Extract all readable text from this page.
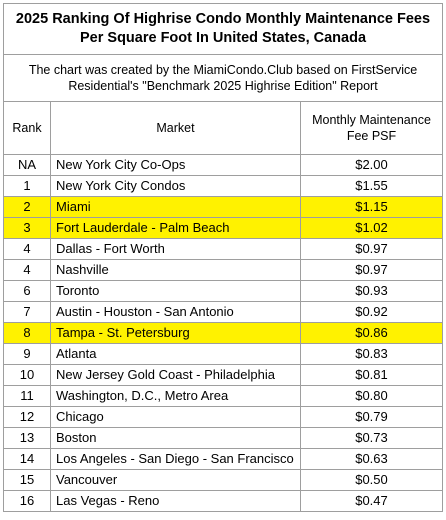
2025 Ranking Of Highrise Condo Monthly Maintenance Fees Per Square Foot In United States, Canada		
The chart was created by the MiamiCondo.Club based on FirstService Residential's "Benchmark 2025 Highrise Edition" Report		
Rank	Market	Monthly Maintenance Fee PSF
NA	New York City Co-Ops	$2.00
1	New York City Condos	$1.55
2	Miami	$1.15
3	Fort Lauderdale - Palm Beach	$1.02
4	Dallas - Fort Worth	$0.97
4	Nashville	$0.97
6	Toronto	$0.93
7	Austin - Houston - San Antonio	$0.92
8	Tampa - St. Petersburg	$0.86
9	Atlanta	$0.83
10	New Jersey Gold Coast - Philadelphia	$0.81
11	Washington, D.C., Metro Area	$0.80
12	Chicago	$0.79
13	Boston	$0.73
14	Los Angeles - San Diego - San Francisco	$0.63
15	Vancouver	$0.50
16	Las Vegas - Reno	$0.47
